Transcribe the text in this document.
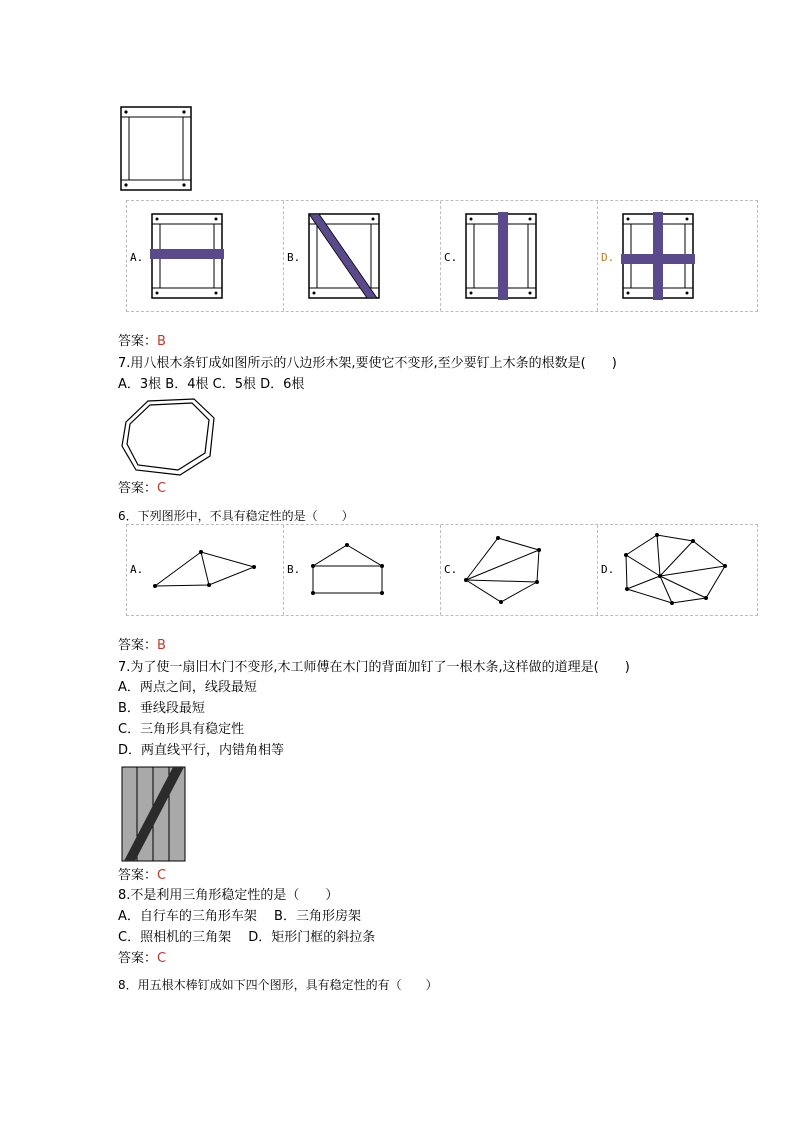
A.	B.	C.	D.
答案：B
7.用八根木条钉成如图所示的八边形木架,要使它不变形,至少要钉上木条的根数是(　　)
A．3根 B．4根 C．5根 D．6根
答案：C
6．下列图形中，不具有稳定性的是（　　）
A.	B.	C.	D.
答案：B
7.为了使一扇旧木门不变形,木工师傅在木门的背面加钉了一根木条,这样做的道理是(　　)
A．两点之间，线段最短
B．垂线段最短
C．三角形具有稳定性
D．两直线平行，内错角相等
答案：C
8.不是利用三角形稳定性的是（　　）
A．自行车的三角形车架　 B．三角形房架
C．照相机的三角架　 D．矩形门框的斜拉条
答案：C
8．用五根木棒钉成如下四个图形，具有稳定性的有（　　）
